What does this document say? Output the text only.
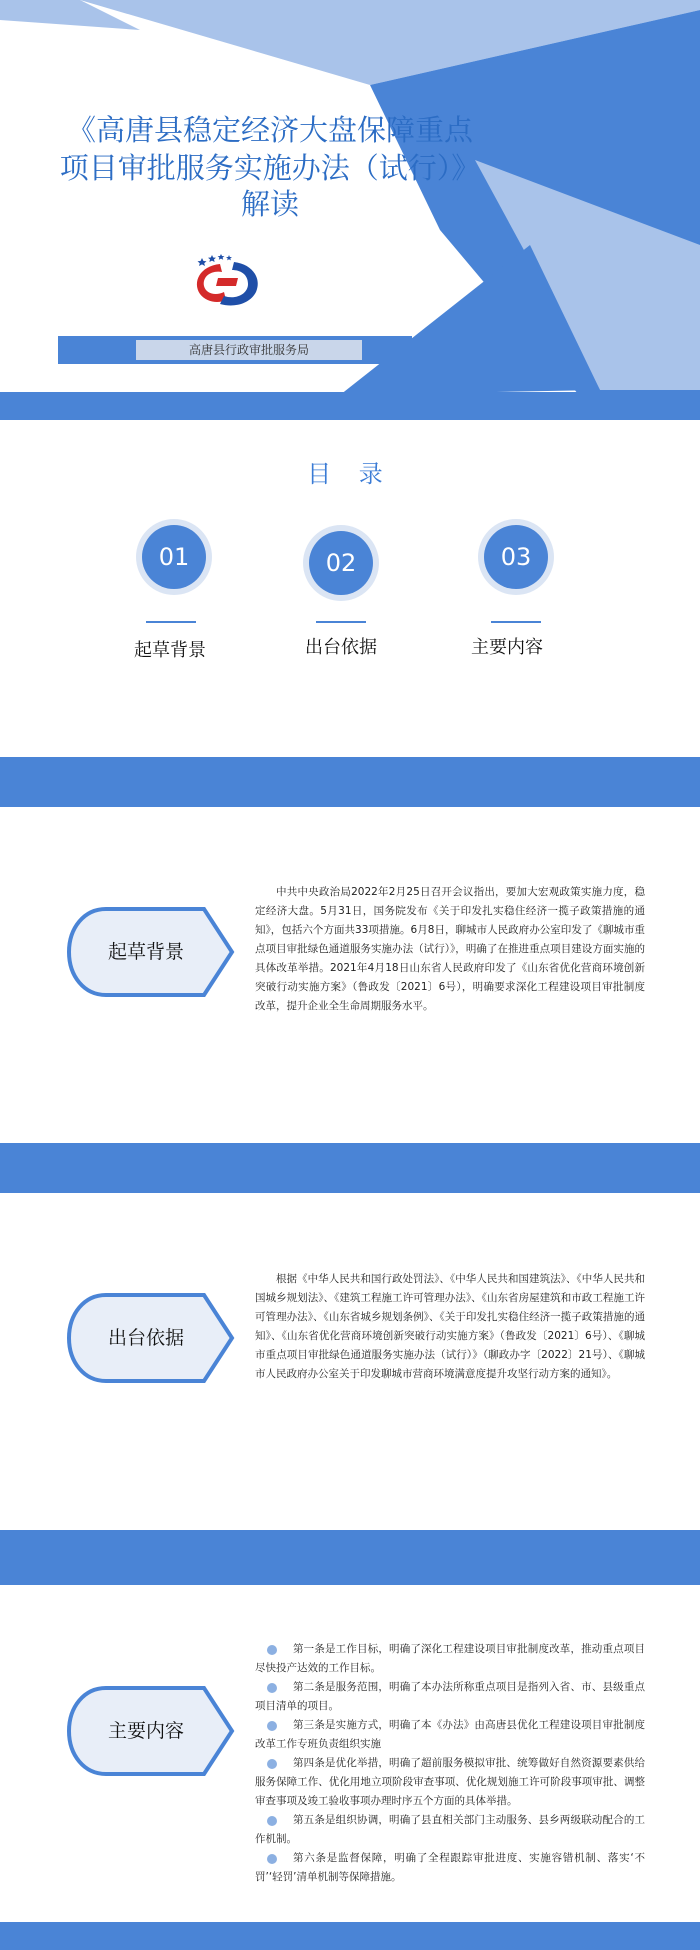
《高唐县稳定经济大盘保障重点
项目审批服务实施办法（试行）》
解读
高唐县行政审批服务局
目 录
01	02	03
起草背景	出台依据	主要内容
起草背景

中共中央政治局2022年2月25日召开会议指出，要加大宏观政策实施力度，稳定经济大盘。5月31日，国务院发布《关于印发扎实稳住经济一揽子政策措施的通知》，包括六个方面共33项措施。6月8日，聊城市人民政府办公室印发了《聊城市重点项目审批绿色通道服务实施办法（试行）》，明确了在推进重点项目建设方面实施的具体改革举措。2021年4月18日山东省人民政府印发了《山东省优化营商环境创新突破行动实施方案》（鲁政发〔2021〕6号），明确要求深化工程建设项目审批制度改革，提升企业全生命周期服务水平。

出台依据

根据《中华人民共和国行政处罚法》、《中华人民共和国建筑法》、《中华人民共和国城乡规划法》、《建筑工程施工许可管理办法》、《山东省房屋建筑和市政工程施工许可管理办法》、《山东省城乡规划条例》、《关于印发扎实稳住经济一揽子政策措施的通知》、《山东省优化营商环境创新突破行动实施方案》（鲁政发〔2021〕6号）、《聊城市重点项目审批绿色通道服务实施办法（试行）》（聊政办字〔2022〕21号）、《聊城市人民政府办公室关于印发聊城市营商环境满意度提升攻坚行动方案的通知》。

主要内容
第一条是工作目标，明确了深化工程建设项目审批制度改革，推动重点项目尽快投产达效的工作目标。
第二条是服务范围，明确了本办法所称重点项目是指列入省、市、县级重点项目清单的项目。
第三条是实施方式，明确了本《办法》由高唐县优化工程建设项目审批制度改革工作专班负责组织实施
第四条是优化举措，明确了超前服务模拟审批、统筹做好自然资源要素供给服务保障工作、优化用地立项阶段审查事项、优化规划施工许可阶段事项审批、调整审查事项及竣工验收事项办理时序五个方面的具体举措。
第五条是组织协调，明确了县直相关部门主动服务、县乡两级联动配合的工作机制。
第六条是监督保障，明确了全程跟踪审批进度、实施容错机制、落实‘不罚’‘轻罚’清单机制等保障措施。
